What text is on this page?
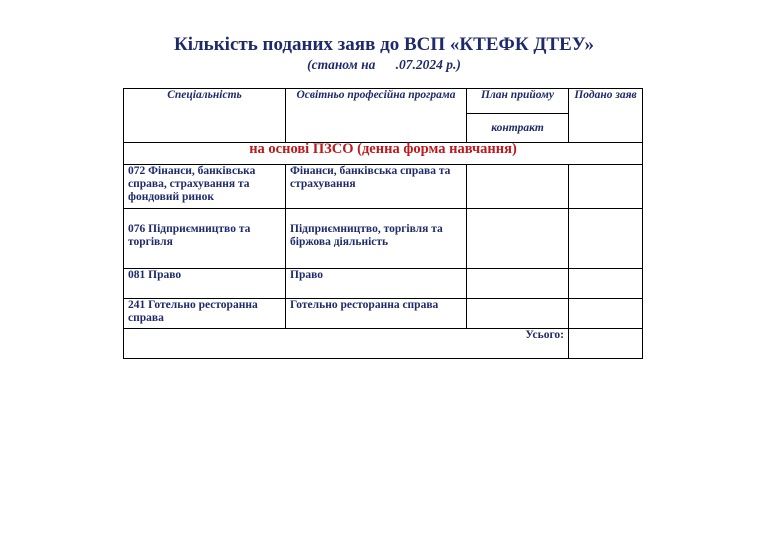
Кількість поданих заяв до ВСП «КТЕФК ДТЕУ»
(станом на      .07.2024 р.)
Спеціальність	Освітньо професійна програма	План прийому	Подано заяв
		контракт	
на основі ПЗСО (денна форма навчання)			
072 Фінанси, банківська справа, страхування та фондовий ринок	Фінанси, банківська справа та страхування		
076 Підприємництво та торгівля	Підприємництво, торгівля та біржова діяльність		
081 Право	Право		
241 Готельно ресторанна справа	Готельно ресторанна справа		
Усього:			
